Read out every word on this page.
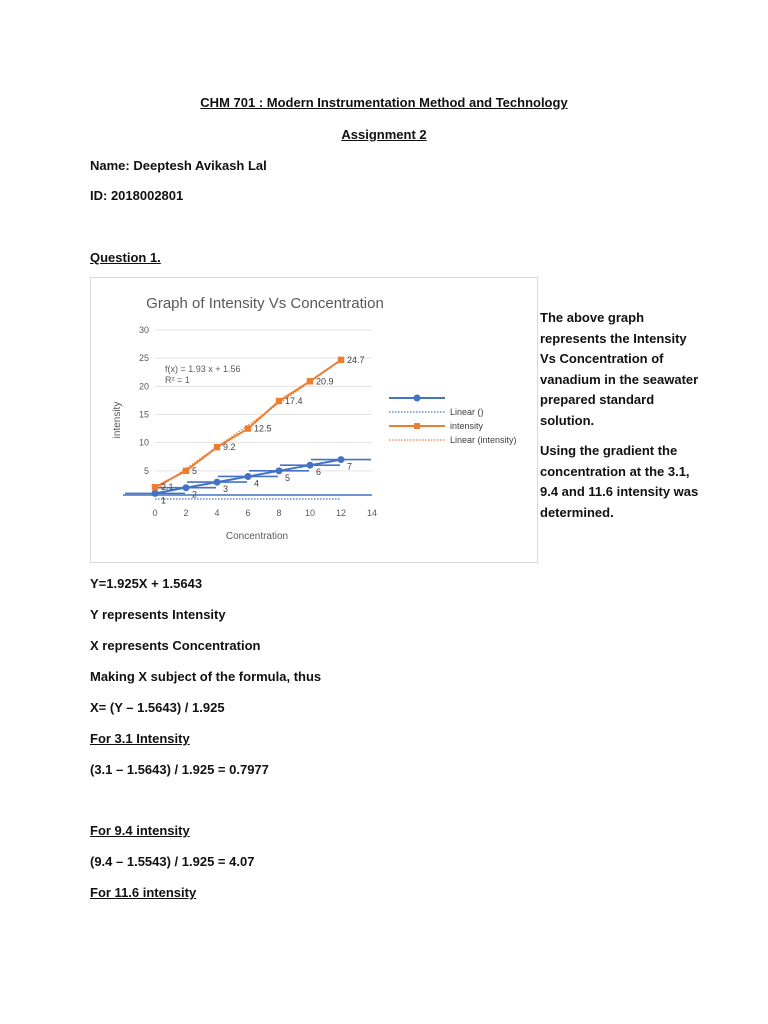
CHM 701 : Modern Instrumentation Method and Technology
Assignment 2
Name: Deeptesh Avikash Lal
ID: 2018002801
Question 1.
Graph of Intensity Vs Concentration
5
10
15
20
25
30
0	2	4	6	8	10 12 14
1
2
3
4
5
6
7
2.1
5
9.2
12.5
17.4
20.9
24.7
Concentration
intensity
f(x) = 1.93 x + 1.56
R² = 1
Linear ()
intensity
Linear (intensity)

The above graph represents the Intensity Vs Concentration of vanadium in the seawater prepared standard solution.

Using the gradient the concentration at the 3.1, 9.4 and 11.6 intensity was determined.

Y=1.925X + 1.5643
Y represents Intensity
X represents Concentration
Making X subject of the formula, thus
X= (Y – 1.5643) / 1.925
For 3.1 Intensity
(3.1 – 1.5643) / 1.925 = 0.7977
For 9.4 intensity
(9.4 – 1.5543) / 1.925 = 4.07
For 11.6 intensity
